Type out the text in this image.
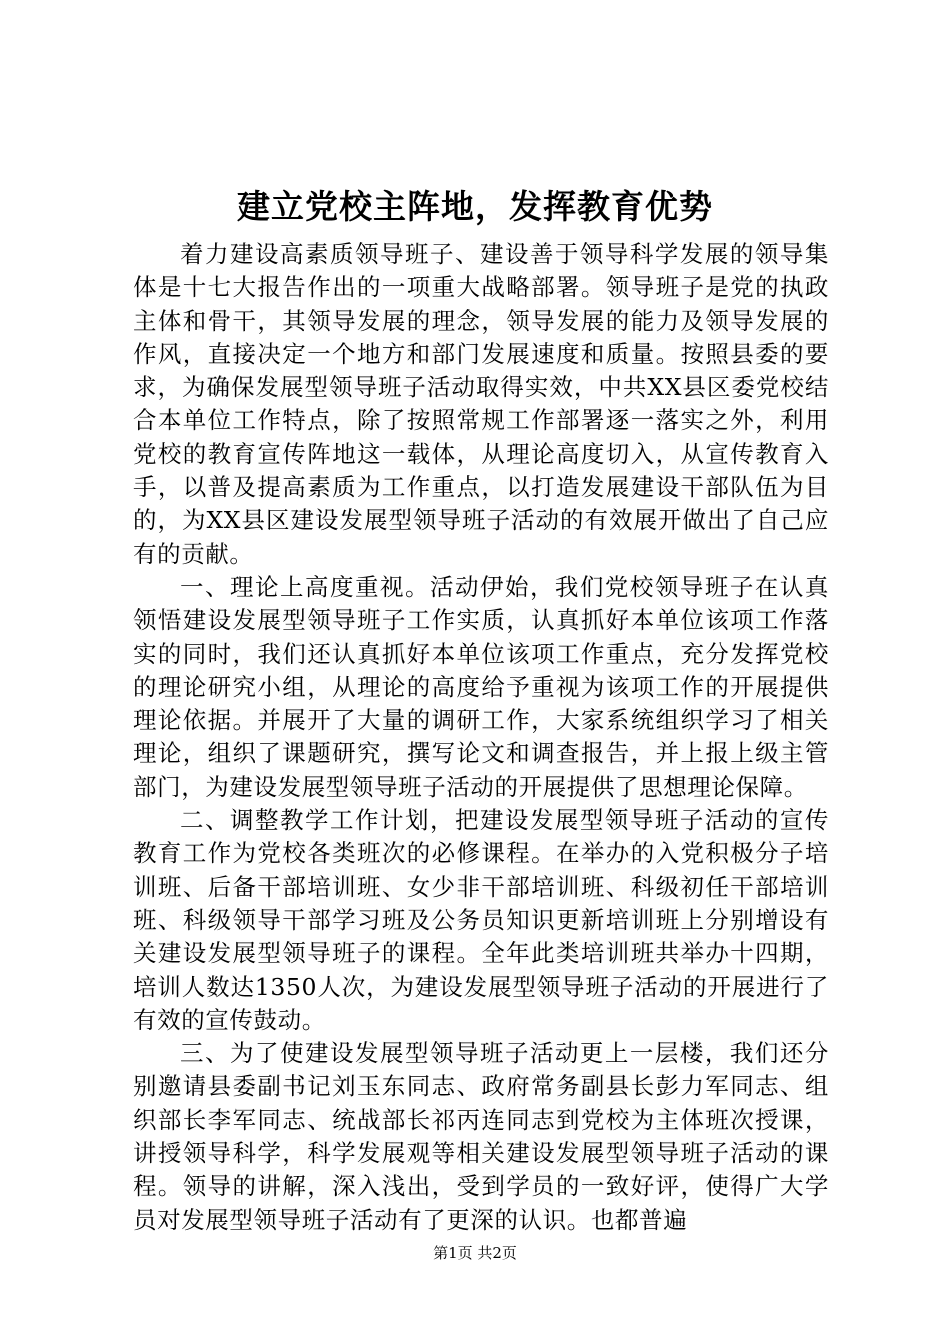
建立党校主阵地，发挥教育优势

着力建设高素质领导班子、建设善于领导科学发展的领导集体是十七大报告作出的一项重大战略部署。领导班子是党的执政主体和骨干，其领导发展的理念，领导发展的能力及领导发展的作风，直接决定一个地方和部门发展速度和质量。按照县委的要求，为确保发展型领导班子活动取得实效，中共XX县区委党校结合本单位工作特点，除了按照常规工作部署逐一落实之外，利用党校的教育宣传阵地这一载体，从理论高度切入，从宣传教育入手，以普及提高素质为工作重点，以打造发展建设干部队伍为目的，为XX县区建设发展型领导班子活动的有效展开做出了自己应有的贡献。

一、理论上高度重视。活动伊始，我们党校领导班子在认真领悟建设发展型领导班子工作实质，认真抓好本单位该项工作落实的同时，我们还认真抓好本单位该项工作重点，充分发挥党校的理论研究小组，从理论的高度给予重视为该项工作的开展提供理论依据。并展开了大量的调研工作，大家系统组织学习了相关理论，组织了课题研究，撰写论文和调查报告，并上报上级主管部门，为建设发展型领导班子活动的开展提供了思想理论保障。

二、调整教学工作计划，把建设发展型领导班子活动的宣传教育工作为党校各类班次的必修课程。在举办的入党积极分子培训班、后备干部培训班、女少非干部培训班、科级初任干部培训班、科级领导干部学习班及公务员知识更新培训班上分别增设有关建设发展型领导班子的课程。全年此类培训班共举办十四期，培训人数达1350人次，为建设发展型领导班子活动的开展进行了有效的宣传鼓动。

三、为了使建设发展型领导班子活动更上一层楼，我们还分别邀请县委副书记刘玉东同志、政府常务副县长彭力军同志、组织部长李军同志、统战部长祁丙连同志到党校为主体班次授课，讲授领导科学，科学发展观等相关建设发展型领导班子活动的课程。领导的讲解，深入浅出，受到学员的一致好评，使得广大学员对发展型领导班子活动有了更深的认识。也都普遍

第1页 共2页
